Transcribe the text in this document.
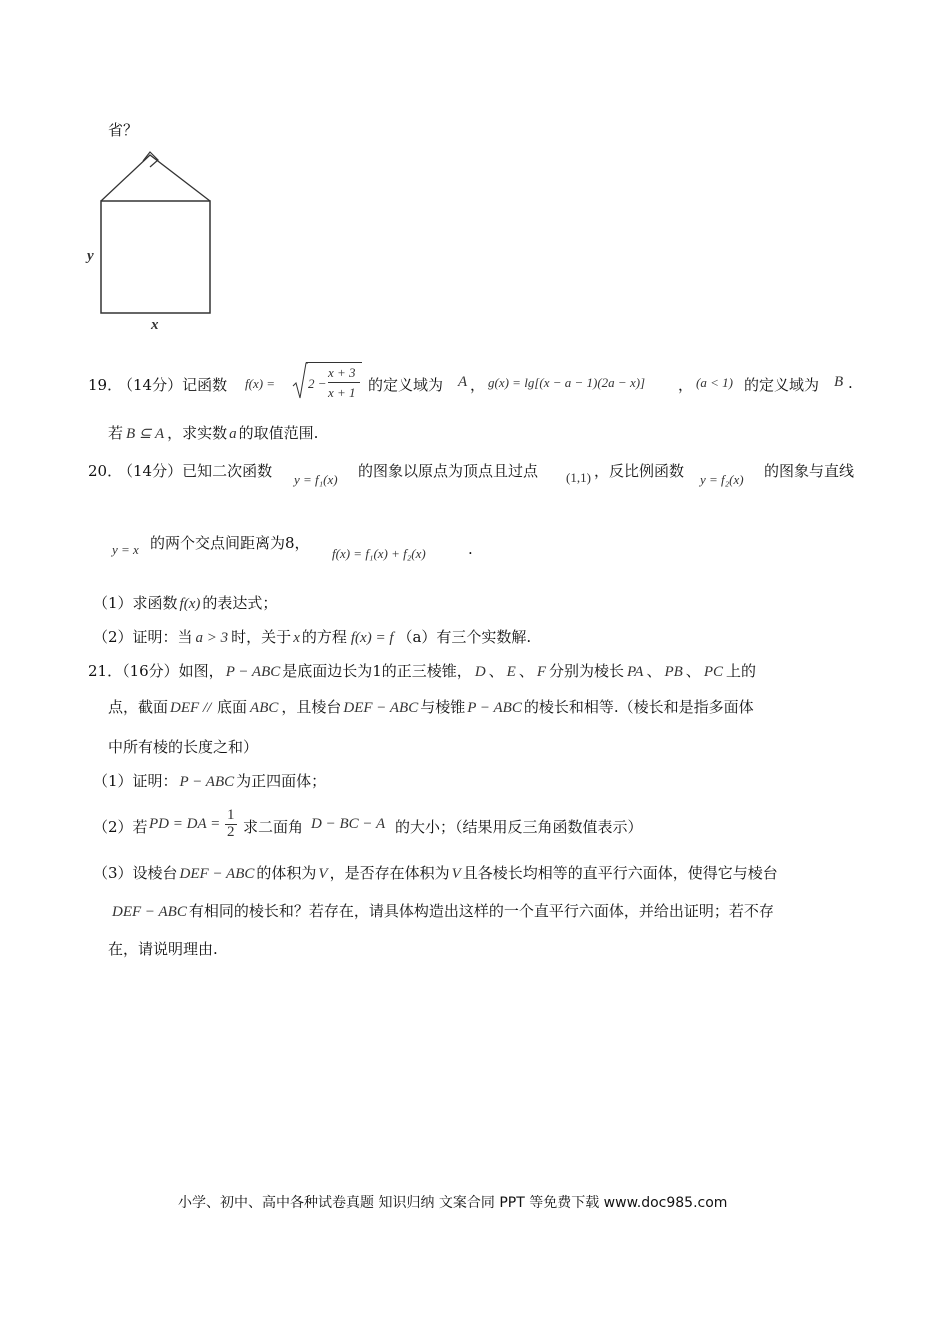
省？
y
x
19．
（14分）记函数 f(x) =	2 −
x + 3
x + 1 的定义域为 A ， g(x) = lg[(x − a − 1)(2a − x)] ， (a < 1) 的定义域为 B .
若 B ⊆ A ，求实数 a 的取值范围.
20．
（14分）已知二次函数 y = f₁(x) 的图象以原点为顶点且过点 (1,1) ，反比例函数 y = f₂(x) 的图象与直线
y = x 的两个交点间距离为8，
f(x) = f₁(x) + f₂(x)	.
（1）求函数 f(x) 的表达式；
（2）证明：当 a > 3 时，关于 x 的方程 f(x) = f （a）有三个实数解.
21．（16分）如图， P − ABC 是底面边长为1的正三棱锥， D 、 E 、 F 分别为棱长 PA 、 PB 、 PC 上的
点，截面 DEF // 底面 ABC ，且棱台 DEF − ABC 与棱锥 P − ABC 的棱长和相等.（棱长和是指多面体
中所有棱的长度之和）
（1）证明： P − ABC 为正四面体；
（2）若 PD = DA = $\frac{1}{2}$ 求二面角 D − BC − A 的大小；（结果用反三角函数值表示）
（3）设棱台 DEF − ABC 的体积为 V ，是否存在体积为 V 且各棱长均相等的直平行六面体，使得它与棱台
DEF − ABC 有相同的棱长和？若存在，请具体构造出这样的一个直平行六面体，并给出证明；若不存
在，请说明理由.
小学、初中、高中各种试卷真题 知识归纳 文案合同 PPT 等免费下载 www.doc985.com
